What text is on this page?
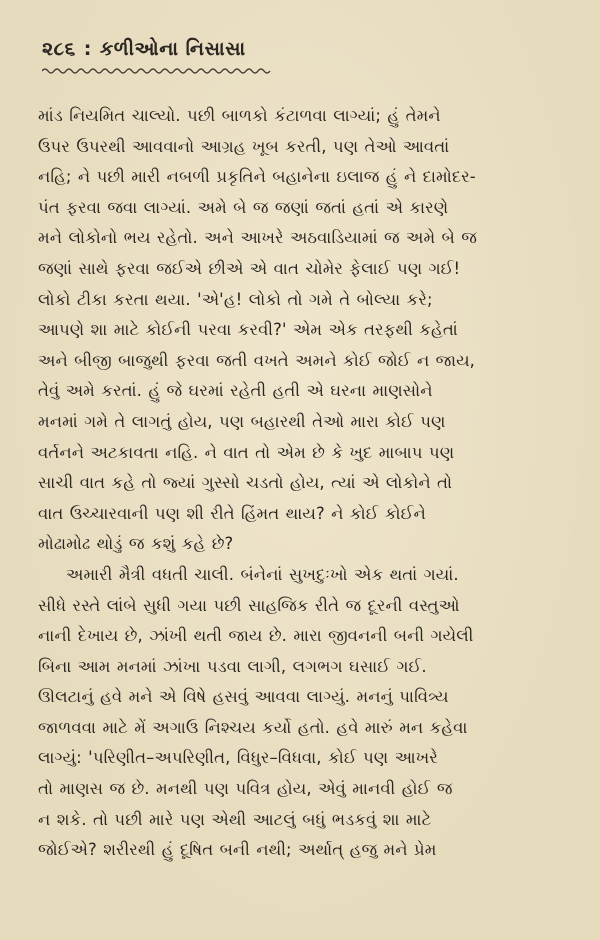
૨૮૬ : કળીઓના નિસાસા
માંડ નિયમિત ચાલ્યો. પછી બાળકો કંટાળવા લાગ્યાં; હું તેમને
ઉપર ઉપરથી આવવાનો આગ્રહ ખૂબ કરતી, પણ તેઓ આવતાં
નહિ; ને પછી મારી નબળી પ્રકૃતિને બહાનેના ઇલાજ હું ને દામોદર-
પંત ફરવા જવા લાગ્યાં. અમે બે જ જણાં જતાં હતાં એ કારણે
મને લોકોનો ભય રહેતો. અને આખરે અઠવાડિયામાં જ અમે બે જ
જણાં સાથે ફરવા જઈએ છીએ એ વાત ચોમેર ફેલાઈ પણ ગઈ!
લોકો ટીકા કરતા થયા. 'એ'હ! લોકો તો ગમે તે બોલ્યા કરે;
આપણે શા માટે કોઈની પરવા કરવી?' એમ એક તરફથી કહેતાં
અને બીજી બાજુથી ફરવા જતી વખતે અમને કોઈ જોઈ ન જાય,
તેવું અમે કરતાં. હું જે ઘરમાં રહેતી હતી એ ઘરના માણસોને
મનમાં ગમે તે લાગતું હોય, પણ બહારથી તેઓ મારા કોઈ પણ
વર્તનને અટકાવતા નહિ. ને વાત તો એમ છે કે ખુદ માબાપ પણ
સાચી વાત કહે તો જ્યાં ગુસ્સો ચડતો હોય, ત્યાં એ લોકોને તો
વાત ઉચ્ચારવાની પણ શી રીતે હિંમત થાય? ને કોઈ કોઈને
મોઢામોઢ થોડું જ કશું કહે છે?
અમારી મૈત્રી વધતી ચાલી. બંનેનાં સુખદુઃખો એક થતાં ગયાં.
સીધે રસ્તે લાંબે સુધી ગયા પછી સાહજિક રીતે જ દૂરની વસ્તુઓ
નાની દેખાય છે, ઝાંખી થતી જાય છે. મારા જીવનની બની ગયેલી
બિના આમ મનમાં ઝાંખા પડવા લાગી, લગભગ ઘસાઈ ગઈ.
ઊલટાનું હવે મને એ વિષે હસવું આવવા લાગ્યું. મનનું પાવિત્ર્ય
જાળવવા માટે મેં અગાઉ નિશ્ચય કર્યો હતો. હવે મારું મન કહેવા
લાગ્યું: 'પરિણીત–અપરિણીત, વિધુર–વિધવા, કોઈ પણ આખરે
તો માણસ જ છે. મનથી પણ પવિત્ર હોય, એવું માનવી હોઈ જ
ન શકે. તો પછી મારે પણ એથી આટલું બધું ભડકવું શા માટે
જોઈએ? શરીરથી હું દૂષિત બની નથી; અર્થાત્ હજુ મને પ્રેમ
